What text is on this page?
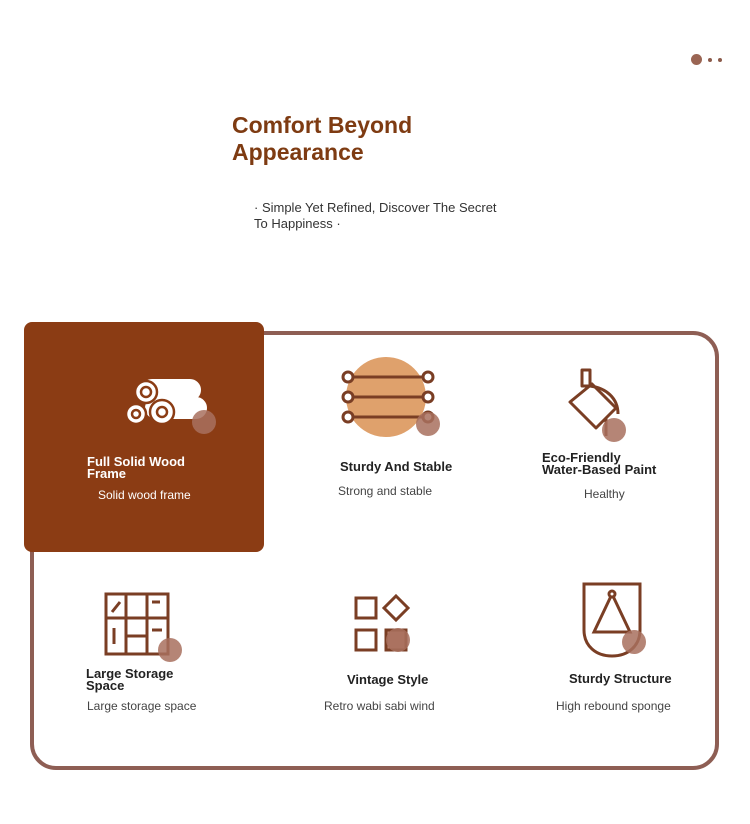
Comfort Beyond
Appearance

· Simple Yet Refined, Discover The Secret
To Happiness ·

Full Solid Wood
Frame
Solid wood frame
Sturdy And Stable
Strong and stable
Eco-Friendly
Water-Based Paint
Healthy
Large Storage
Space
Large storage space
Vintage Style
Retro wabi sabi wind
Sturdy Structure
High rebound sponge
